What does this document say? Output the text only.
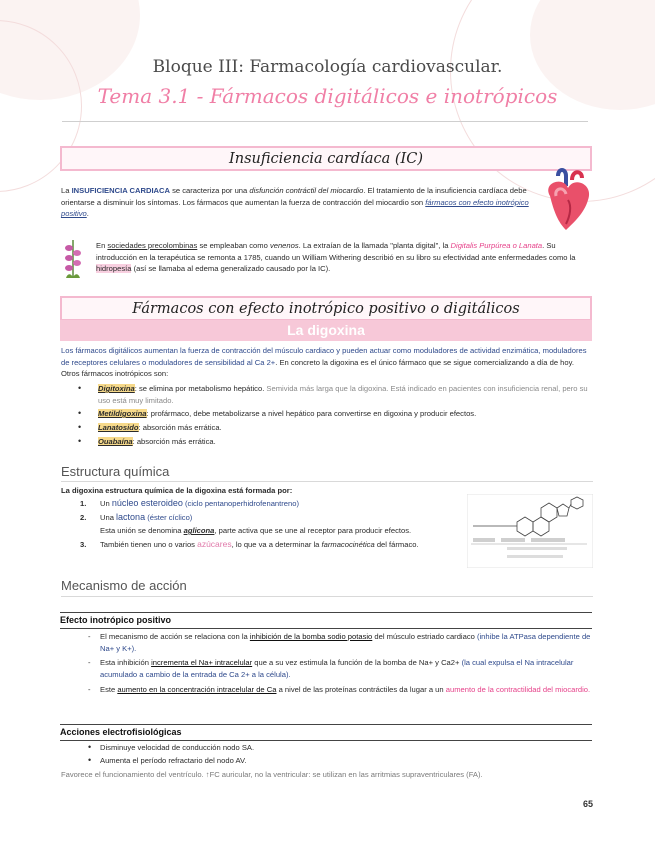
Bloque III: Farmacología cardiovascular.
Tema 3.1 - Fármacos digitálicos e inotrópicos
Insuficiencia cardíaca (IC)
La INSUFICIENCIA CARDIACA se caracteriza por una disfunción contráctil del miocardio. El tratamiento de la insuficiencia cardíaca debe orientarse a disminuir los síntomas. Los fármacos que aumentan la fuerza de contracción del miocardio son fármacos con efecto inotrópico positivo.
En sociedades precolombinas se empleaban como venenos. La extraían de la llamada "planta digital", la Digitalis Purpúrea o Lanata. Su introducción en la terapéutica se remonta a 1785, cuando un William Withering describió en su libro su efectividad ante enfermedades como la hidropesía (así se llamaba al edema generalizado causado por la IC).
Fármacos con efecto inotrópico positivo o digitálicos
La digoxina
Los fármacos digitálicos aumentan la fuerza de contracción del músculo cardiaco y pueden actuar como moduladores de actividad enzimática, moduladores de receptores celulares o moduladores de sensibilidad al Ca 2+. En concreto la digoxina es el único fármaco que se sigue comercializando a día de hoy. Otros fármacos inotrópicos son:
• Digitoxina: se elimina por metabolismo hepático. Semivida más larga que la digoxina. Está indicado en pacientes con insuficiencia renal, pero su uso está muy limitado.
• Metildigoxina: profármaco, debe metabolizarse a nivel hepático para convertirse en digoxina y producir efectos.
• Lanatosido: absorción más errática.
• Ouabaína: absorción más errática.
Estructura química
La digoxina estructura química de la digoxina está formada por:
1. Un núcleo esteroideo (ciclo pentanoperhidrofenantreno)
2. Una lactona (éster cíclico)
Esta unión se denomina aglicona, parte activa que se une al receptor para producir efectos.
3. También tienen uno o varios azúcares, lo que va a determinar la farmacocinética del fármaco.
Mecanismo de acción
Efecto inotrópico positivo
- El mecanismo de acción se relaciona con la inhibición de la bomba sodio potasio del músculo estriado cardiaco (inhibe la ATPasa dependiente de Na+ y K+).
- Esta inhibición incrementa el Na+ intracelular que a su vez estimula la función de la bomba de Na+ y Ca2+ (la cual expulsa el Na intracelular acumulado a cambio de la entrada de Ca 2+ a la célula).
- Este aumento en la concentración intracelular de Ca a nivel de las proteínas contráctiles da lugar a un aumento de la contractilidad del miocardio.
Acciones electrofisiológicas
• Disminuye velocidad de conducción nodo SA.
• Aumenta el período refractario del nodo AV.
Favorece el funcionamiento del ventrículo. ↑FC auricular, no la ventricular: se utilizan en las arritmias supraventriculares (FA).
65
